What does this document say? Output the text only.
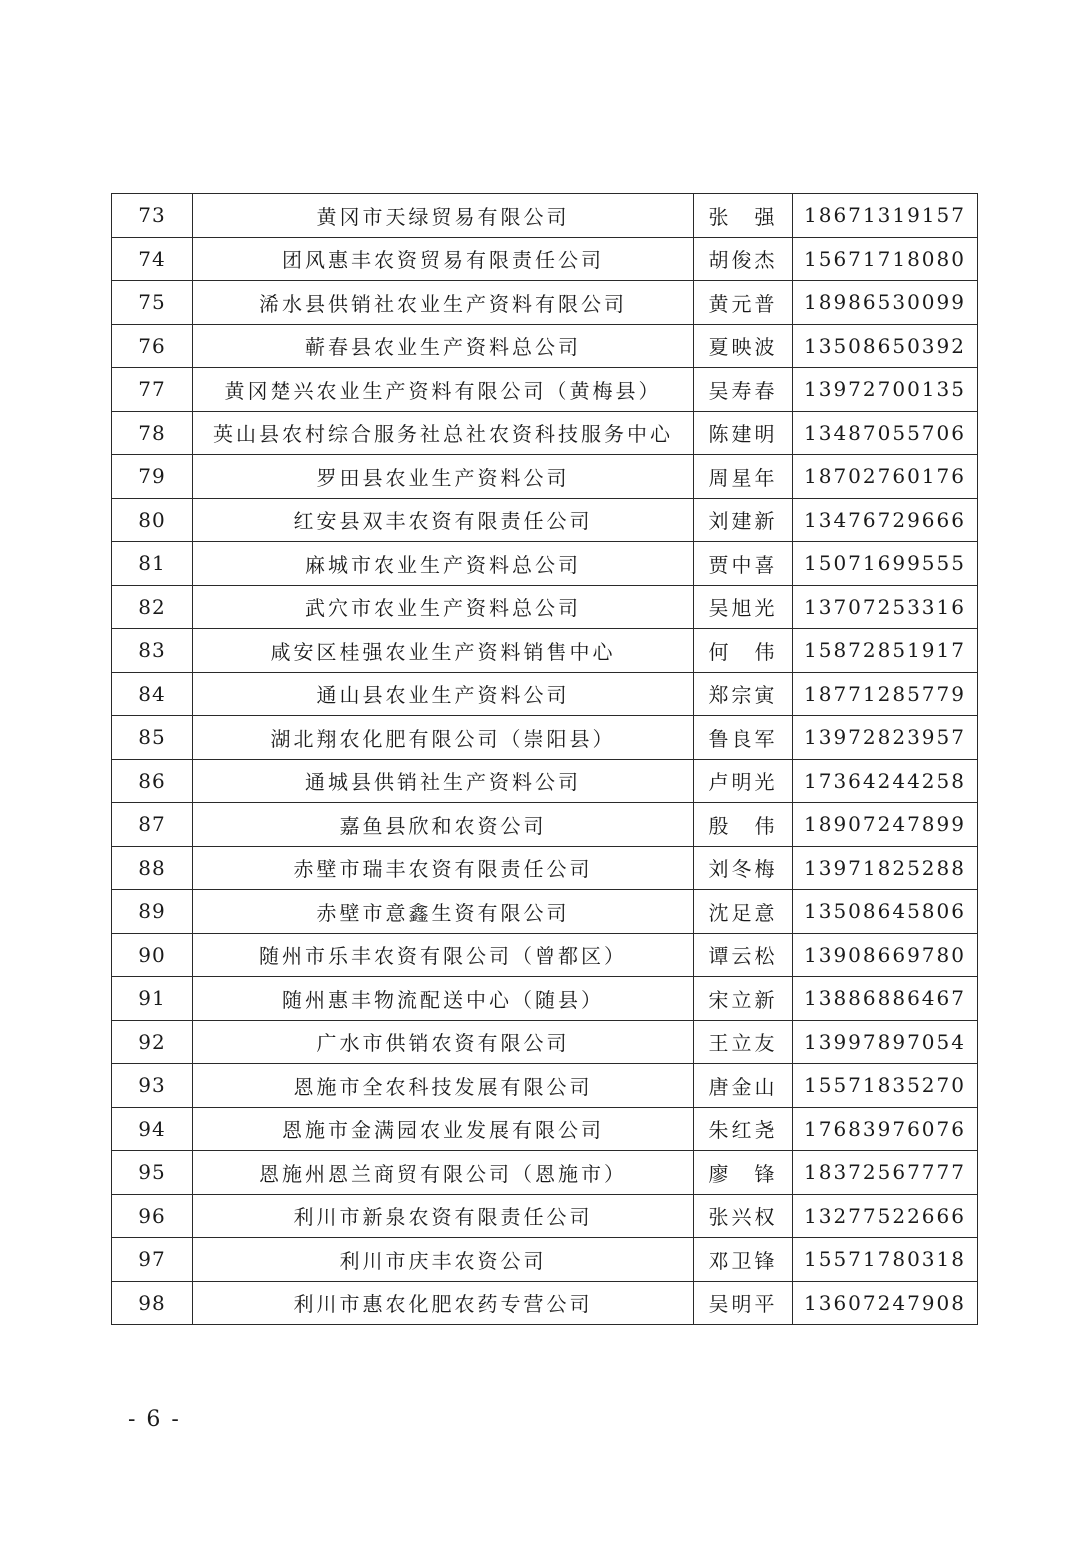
73	黄冈市天绿贸易有限公司	张　强	18671319157
74	团风惠丰农资贸易有限责任公司	胡俊杰	15671718080
75	浠水县供销社农业生产资料有限公司	黄元普	18986530099
76	蕲春县农业生产资料总公司	夏映波	13508650392
77	黄冈楚兴农业生产资料有限公司（黄梅县）	吴寿春	13972700135
78	英山县农村综合服务社总社农资科技服务中心	陈建明	13487055706
79	罗田县农业生产资料公司	周星年	18702760176
80	红安县双丰农资有限责任公司	刘建新	13476729666
81	麻城市农业生产资料总公司	贾中喜	15071699555
82	武穴市农业生产资料总公司	吴旭光	13707253316
83	咸安区桂强农业生产资料销售中心	何　伟	15872851917
84	通山县农业生产资料公司	郑宗寅	18771285779
85	湖北翔农化肥有限公司（崇阳县）	鲁良军	13972823957
86	通城县供销社生产资料公司	卢明光	17364244258
87	嘉鱼县欣和农资公司	殷　伟	18907247899
88	赤壁市瑞丰农资有限责任公司	刘冬梅	13971825288
89	赤壁市意鑫生资有限公司	沈足意	13508645806
90	随州市乐丰农资有限公司（曾都区）	谭云松	13908669780
91	随州惠丰物流配送中心（随县）	宋立新	13886886467
92	广水市供销农资有限公司	王立友	13997897054
93	恩施市全农科技发展有限公司	唐金山	15571835270
94	恩施市金满园农业发展有限公司	朱红尧	17683976076
95	恩施州恩兰商贸有限公司（恩施市）	廖　锋	18372567777
96	利川市新泉农资有限责任公司	张兴权	13277522666
97	利川市庆丰农资公司	邓卫锋	15571780318
98	利川市惠农化肥农药专营公司	吴明平	13607247908
- 6 -
